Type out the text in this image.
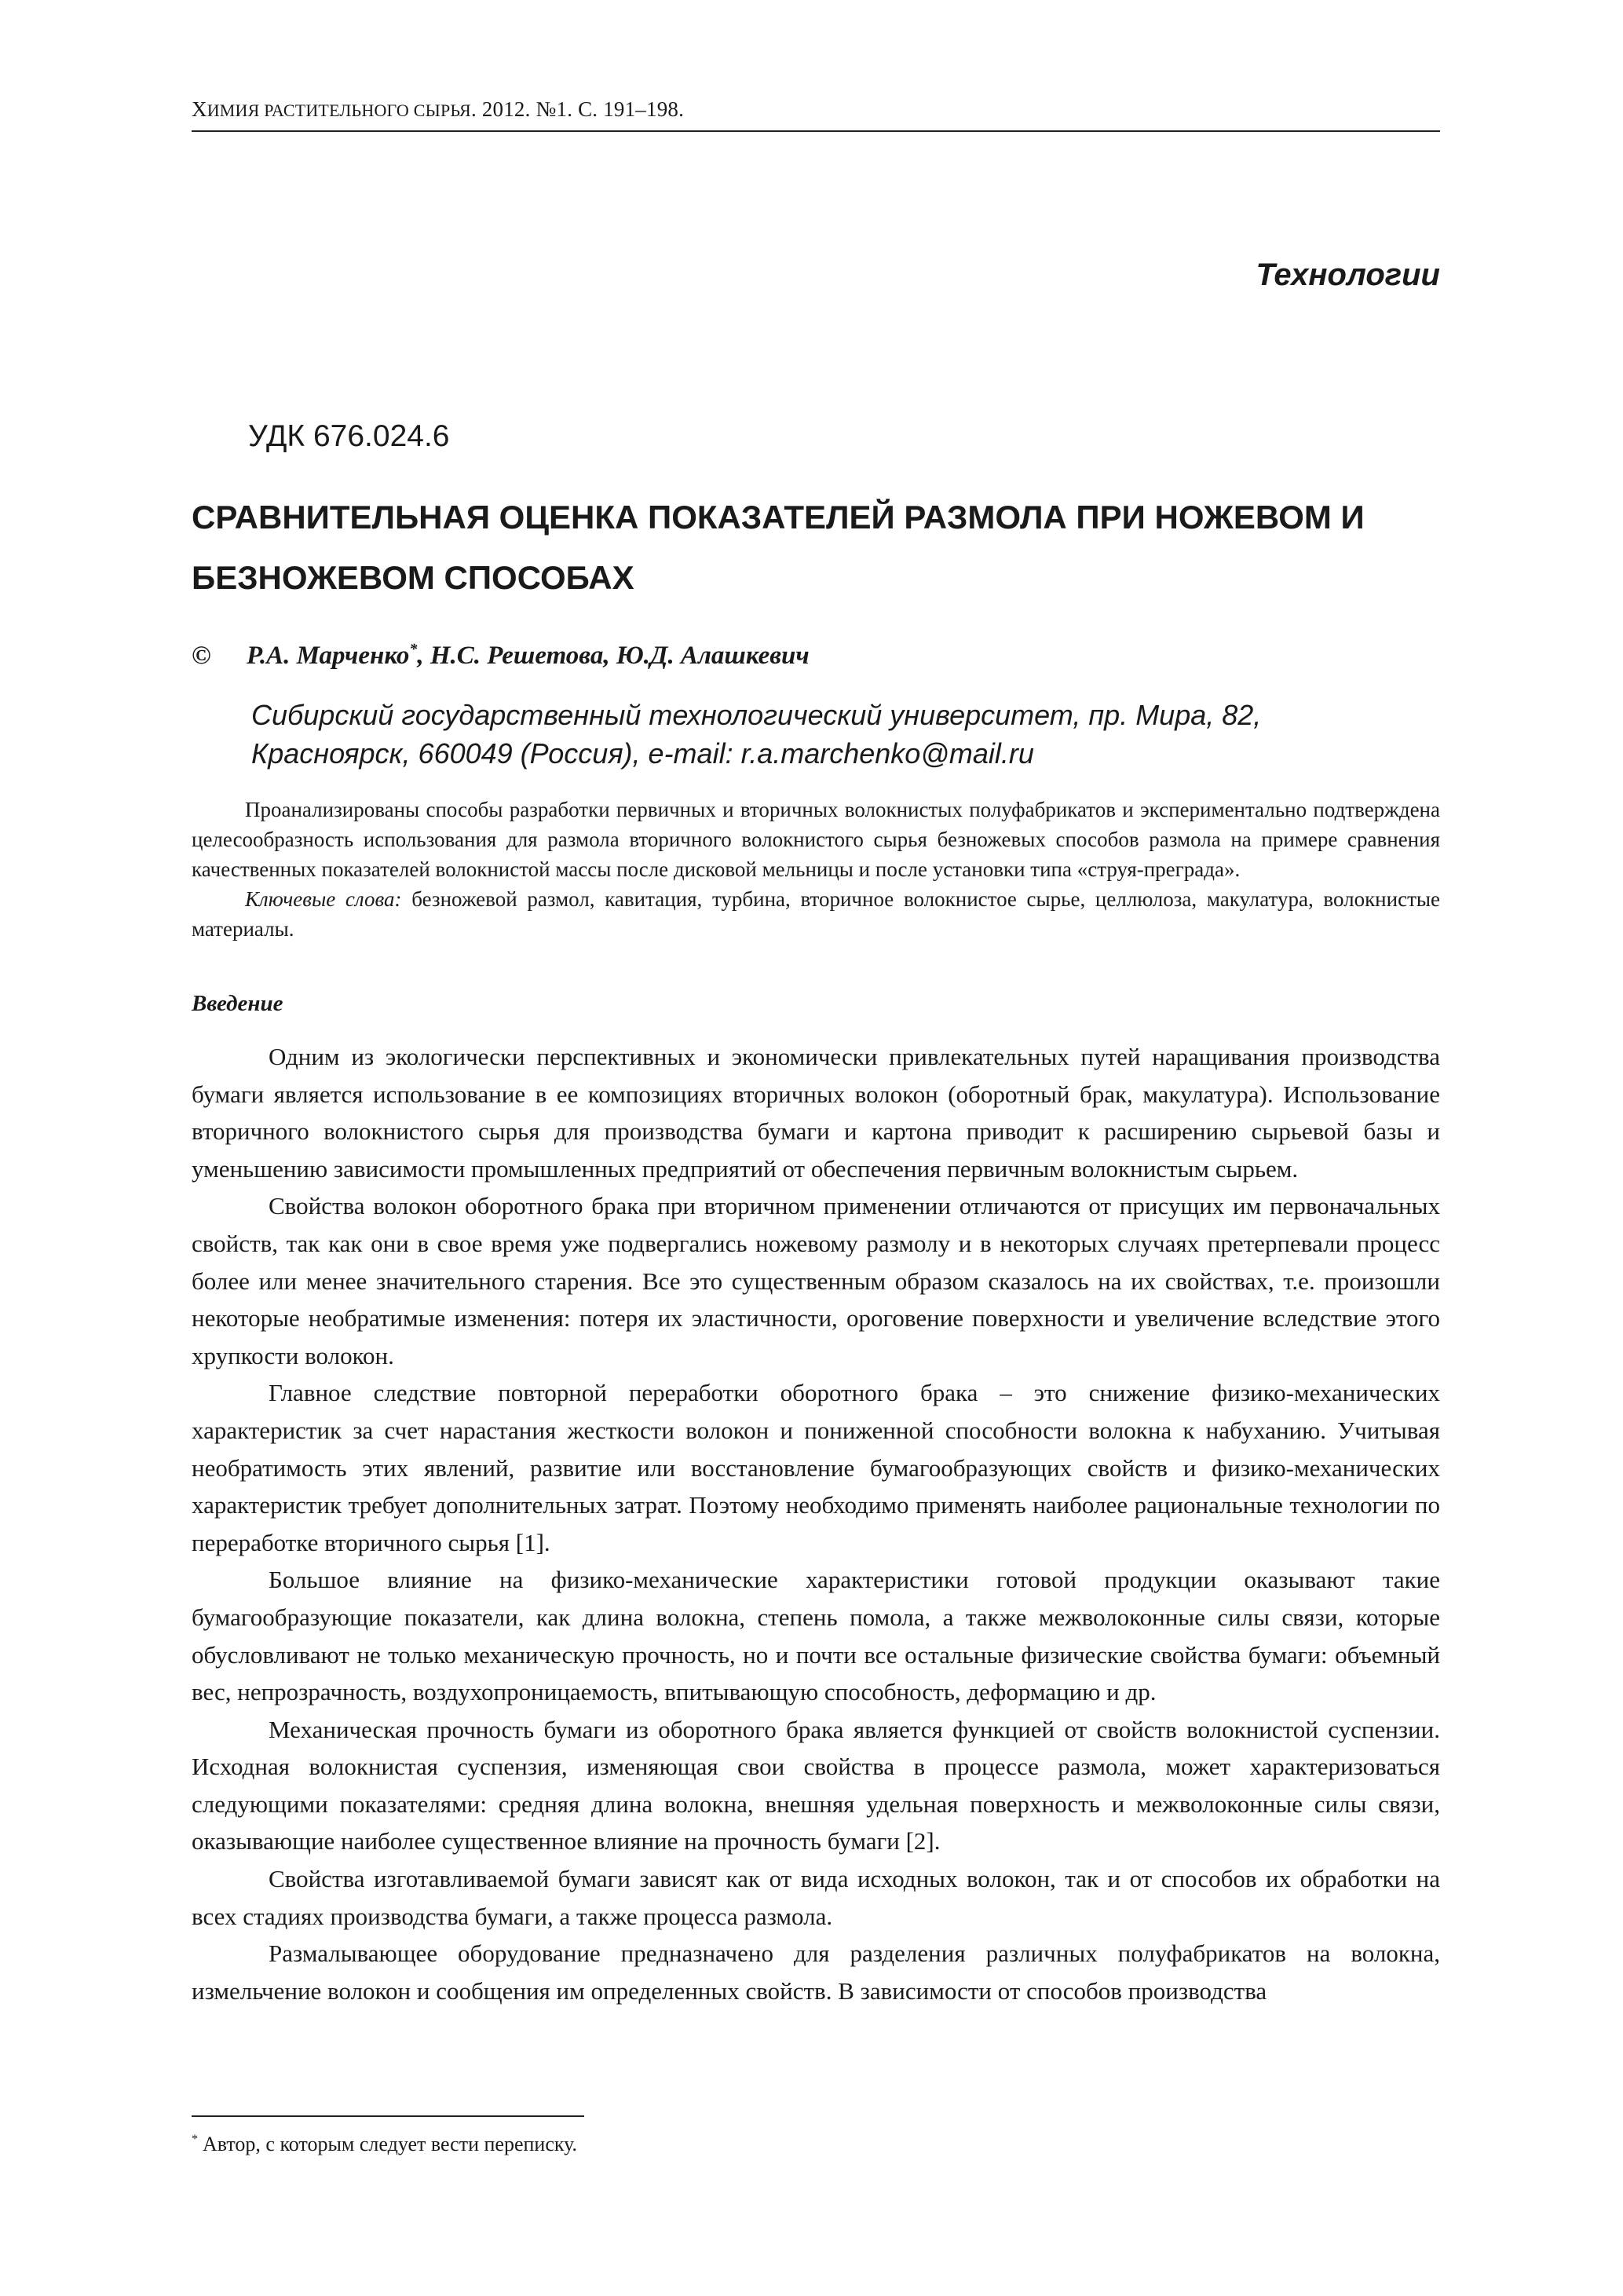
ХИМИЯ РАСТИТЕЛЬНОГО СЫРЬЯ. 2012. №1. С. 191–198.
Технологии
УДК 676.024.6
СРАВНИТЕЛЬНАЯ ОЦЕНКА ПОКАЗАТЕЛЕЙ РАЗМОЛА ПРИ НОЖЕВОМ И БЕЗНОЖЕВОМ СПОСОБАХ
© Р.А. Марченко*, Н.С. Решетова, Ю.Д. Алашкевич
Сибирский государственный технологический университет, пр. Мира, 82, Красноярск, 660049 (Россия), e-mail: r.a.marchenko@mail.ru

Проанализированы способы разработки первичных и вторичных волокнистых полуфабрикатов и экспериментально подтверждена целесообразность использования для размола вторичного волокнистого сырья безножевых способов размола на примере сравнения качественных показателей волокнистой массы после дисковой мельницы и после установки типа «струя-преграда».

Ключевые слова: безножевой размол, кавитация, турбина, вторичное волокнистое сырье, целлюлоза, макулатура, волокнистые материалы.

Введение

Одним из экологически перспективных и экономически привлекательных путей наращивания производства бумаги является использование в ее композициях вторичных волокон (оборотный брак, макулатура). Использование вторичного волокнистого сырья для производства бумаги и картона приводит к расширению сырьевой базы и уменьшению зависимости промышленных предприятий от обеспечения первичным волокнистым сырьем.

Свойства волокон оборотного брака при вторичном применении отличаются от присущих им первоначальных свойств, так как они в свое время уже подвергались ножевому размолу и в некоторых случаях претерпевали процесс более или менее значительного старения. Все это существенным образом сказалось на их свойствах, т.е. произошли некоторые необратимые изменения: потеря их эластичности, ороговение поверхности и увеличение вследствие этого хрупкости волокон.

Главное следствие повторной переработки оборотного брака – это снижение физико-механических характеристик за счет нарастания жесткости волокон и пониженной способности волокна к набуханию. Учитывая необратимость этих явлений, развитие или восстановление бумагообразующих свойств и физико-механических характеристик требует дополнительных затрат. Поэтому необходимо применять наиболее рациональные технологии по переработке вторичного сырья [1].

Большое влияние на физико-механические характеристики готовой продукции оказывают такие бумагообразующие показатели, как длина волокна, степень помола, а также межволоконные силы связи, которые обусловливают не только механическую прочность, но и почти все остальные физические свойства бумаги: объемный вес, непрозрачность, воздухопроницаемость, впитывающую способность, деформацию и др.

Механическая прочность бумаги из оборотного брака является функцией от свойств волокнистой суспензии. Исходная волокнистая суспензия, изменяющая свои свойства в процессе размола, может характеризоваться следующими показателями: средняя длина волокна, внешняя удельная поверхность и межволоконные силы связи, оказывающие наиболее существенное влияние на прочность бумаги [2].

Свойства изготавливаемой бумаги зависят как от вида исходных волокон, так и от способов их обработки на всех стадиях производства бумаги, а также процесса размола.

Размалывающее оборудование предназначено для разделения различных полуфабрикатов на волокна, измельчение волокон и сообщения им определенных свойств. В зависимости от способов производства

* Автор, с которым следует вести переписку.
